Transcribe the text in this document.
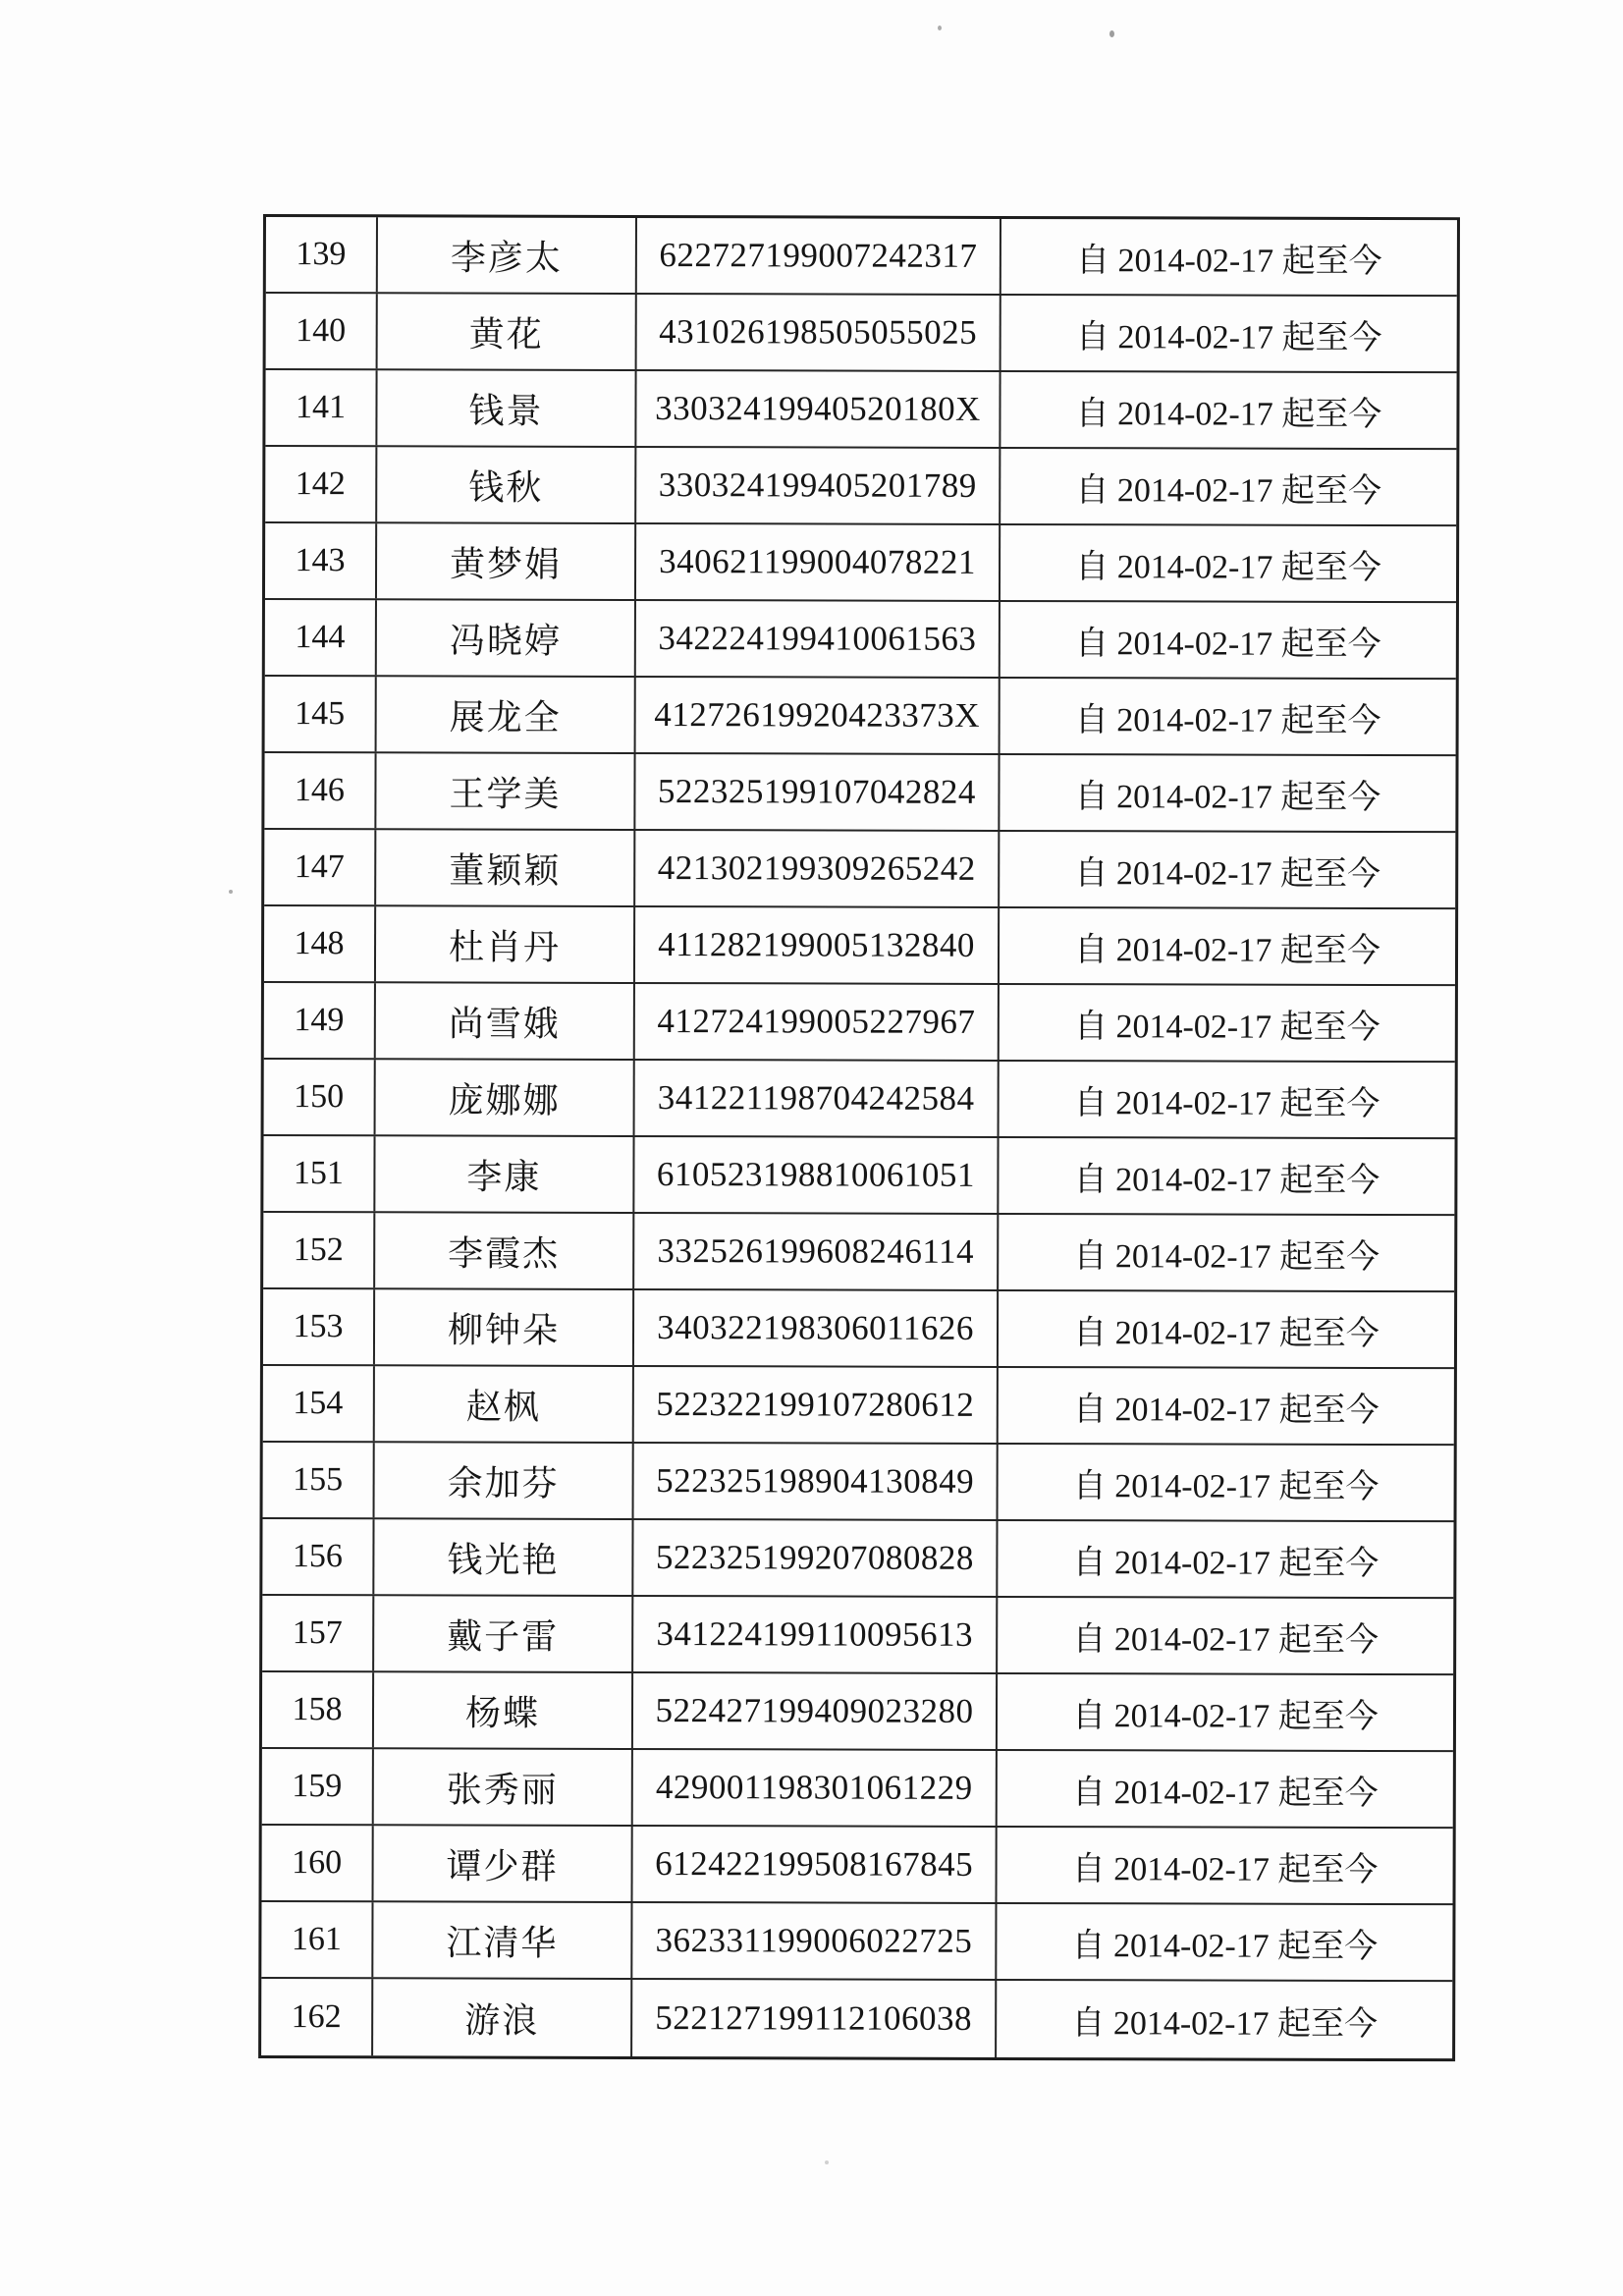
139	李彦太	622727199007242317	自 2014-02-17 起至今
140	黄花	431026198505055025	自 2014-02-17 起至今
141	钱景	33032419940520180X	自 2014-02-17 起至今
142	钱秋	330324199405201789	自 2014-02-17 起至今
143	黄梦娟	340621199004078221	自 2014-02-17 起至今
144	冯晓婷	342224199410061563	自 2014-02-17 起至今
145	展龙全	41272619920423373X	自 2014-02-17 起至今
146	王学美	522325199107042824	自 2014-02-17 起至今
147	董颖颖	421302199309265242	自 2014-02-17 起至今
148	杜肖丹	411282199005132840	自 2014-02-17 起至今
149	尚雪娥	412724199005227967	自 2014-02-17 起至今
150	庞娜娜	341221198704242584	自 2014-02-17 起至今
151	李康	610523198810061051	自 2014-02-17 起至今
152	李霞杰	332526199608246114	自 2014-02-17 起至今
153	柳钟朵	340322198306011626	自 2014-02-17 起至今
154	赵枫	522322199107280612	自 2014-02-17 起至今
155	余加芬	522325198904130849	自 2014-02-17 起至今
156	钱光艳	522325199207080828	自 2014-02-17 起至今
157	戴子雷	341224199110095613	自 2014-02-17 起至今
158	杨蝶	522427199409023280	自 2014-02-17 起至今
159	张秀丽	429001198301061229	自 2014-02-17 起至今
160	谭少群	612422199508167845	自 2014-02-17 起至今
161	江清华	362331199006022725	自 2014-02-17 起至今
162	游浪	522127199112106038	自 2014-02-17 起至今
